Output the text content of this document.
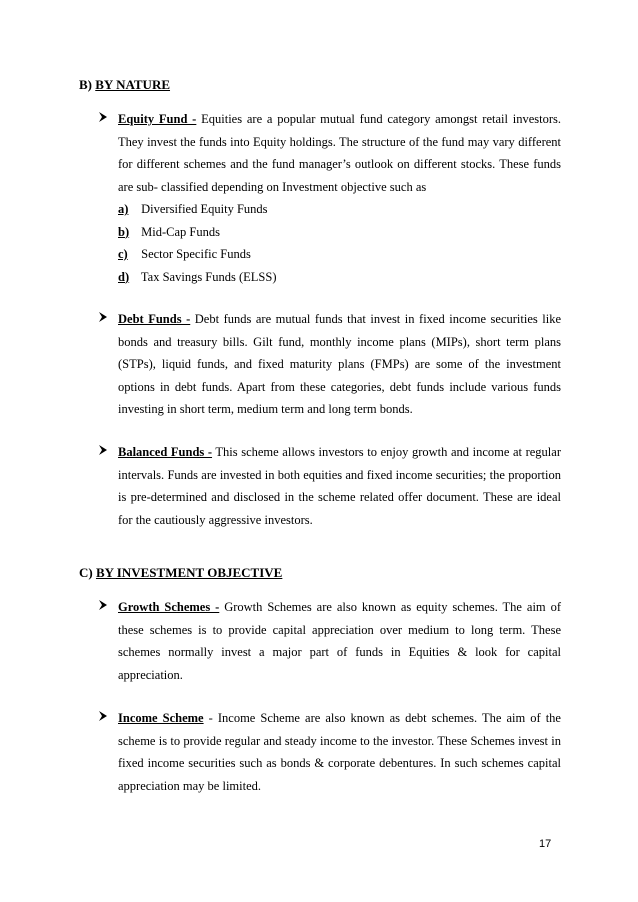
B) BY NATURE
Equity Fund - Equities are a popular mutual fund category amongst retail investors. They invest the funds into Equity holdings. The structure of the fund may vary different for different schemes and the fund manager’s outlook on different stocks. These funds are sub- classified depending on Investment objective such as
a) Diversified Equity Funds
b) Mid-Cap Funds
c) Sector Specific Funds
d) Tax Savings Funds (ELSS)
Debt Funds - Debt funds are mutual funds that invest in fixed income securities like bonds and treasury bills. Gilt fund, monthly income plans (MIPs), short term plans (STPs), liquid funds, and fixed maturity plans (FMPs) are some of the investment options in debt funds. Apart from these categories, debt funds include various funds investing in short term, medium term and long term bonds.
Balanced Funds - This scheme allows investors to enjoy growth and income at regular intervals. Funds are invested in both equities and fixed income securities; the proportion is pre-determined and disclosed in the scheme related offer document. These are ideal for the cautiously aggressive investors.
C) BY INVESTMENT OBJECTIVE
Growth Schemes - Growth Schemes are also known as equity schemes. The aim of these schemes is to provide capital appreciation over medium to long term. These schemes normally invest a major part of funds in Equities & look for capital appreciation.
Income Scheme - Income Scheme are also known as debt schemes. The aim of the scheme is to provide regular and steady income to the investor. These Schemes invest in fixed income securities such as bonds & corporate debentures. In such schemes capital appreciation may be limited.
17
